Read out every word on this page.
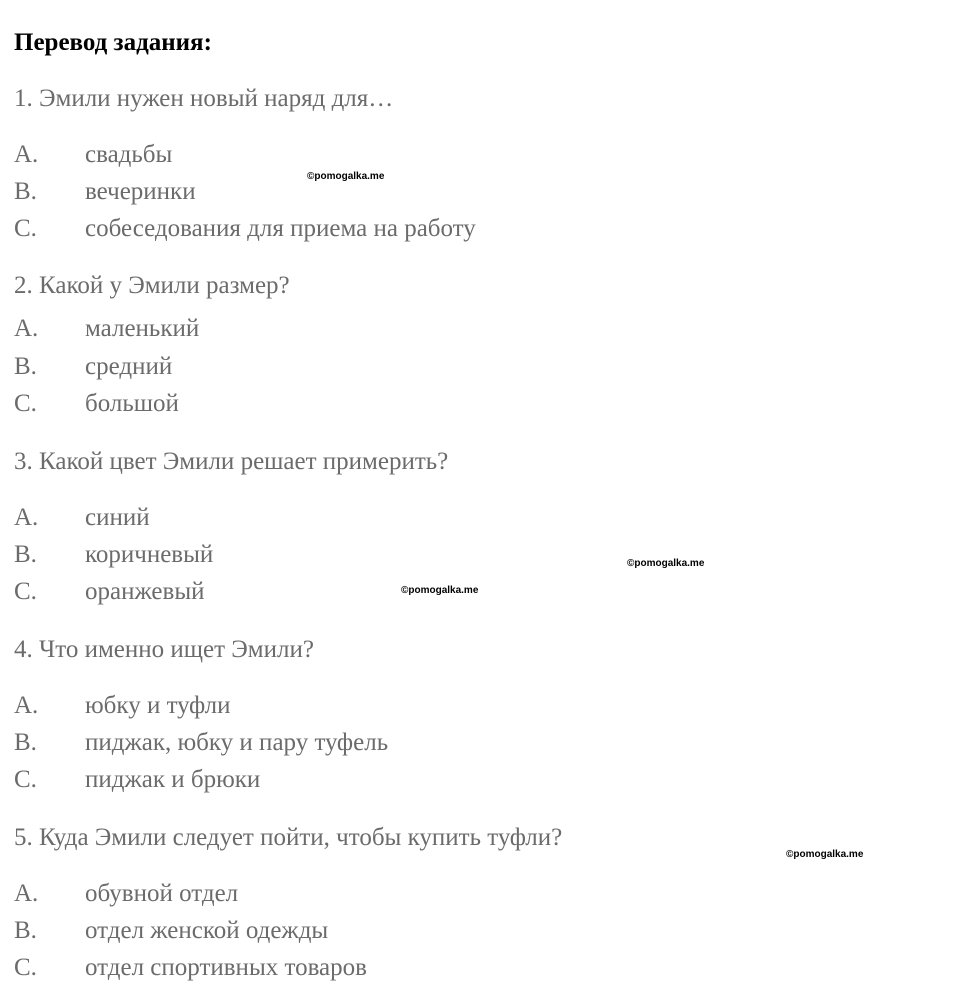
Перевод задания:
1. Эмили нужен новый наряд для…
A. свадьбы
B. вечеринки
C. собеседования для приема на работу
2. Какой у Эмили размер?
A. маленький
B. средний
C. большой
3. Какой цвет Эмили решает примерить?
A. синий
B. коричневый
C. оранжевый
4. Что именно ищет Эмили?
A. юбку и туфли
B. пиджак, юбку и пару туфель
C. пиджак и брюки
5. Куда Эмили следует пойти, чтобы купить туфли?
A. обувной отдел
B. отдел женской одежды
C. отдел спортивных товаров
©pomogalka.me
©pomogalka.me
©pomogalka.me
©pomogalka.me
